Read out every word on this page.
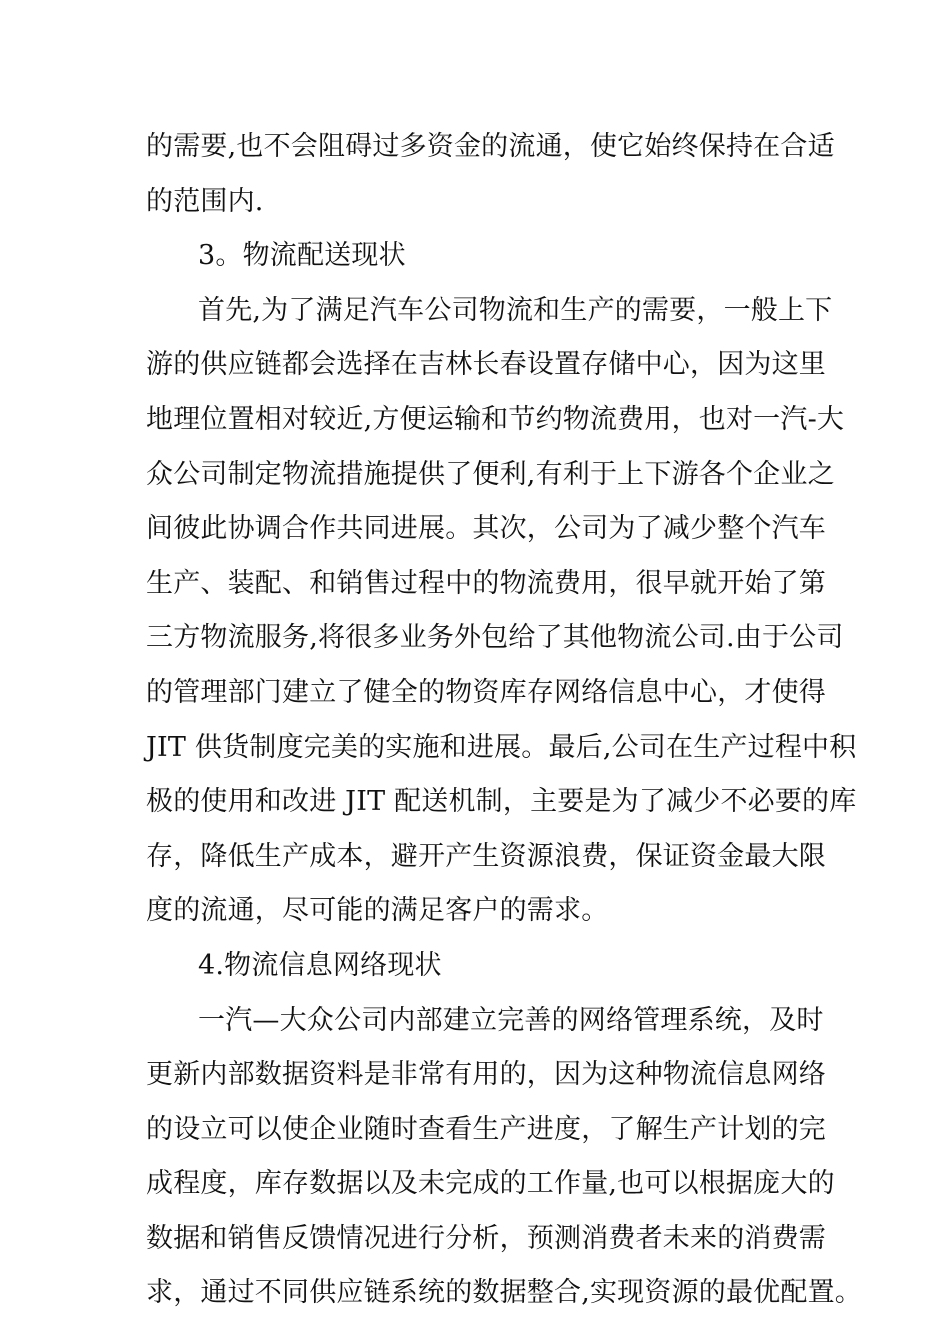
的需要,也不会阻碍过多资金的流通，使它始终保持在合适
的范围内.
3。物流配送现状
首先,为了满足汽车公司物流和生产的需要，一般上下
游的供应链都会选择在吉林长春设置存储中心，因为这里
地理位置相对较近,方便运输和节约物流费用，也对一汽-大
众公司制定物流措施提供了便利,有利于上下游各个企业之
间彼此协调合作共同进展。其次，公司为了减少整个汽车
生产、装配、和销售过程中的物流费用，很早就开始了第
三方物流服务,将很多业务外包给了其他物流公司.由于公司
的管理部门建立了健全的物资库存网络信息中心，才使得
JIT 供货制度完美的实施和进展。最后,公司在生产过程中积
极的使用和改进 JIT 配送机制，主要是为了减少不必要的库
存，降低生产成本，避开产生资源浪费，保证资金最大限
度的流通，尽可能的满足客户的需求。
4.物流信息网络现状
一汽—大众公司内部建立完善的网络管理系统，及时
更新内部数据资料是非常有用的，因为这种物流信息网络
的设立可以使企业随时查看生产进度，了解生产计划的完
成程度，库存数据以及未完成的工作量,也可以根据庞大的
数据和销售反馈情况进行分析，预测消费者未来的消费需
求，通过不同供应链系统的数据整合,实现资源的最优配置。
